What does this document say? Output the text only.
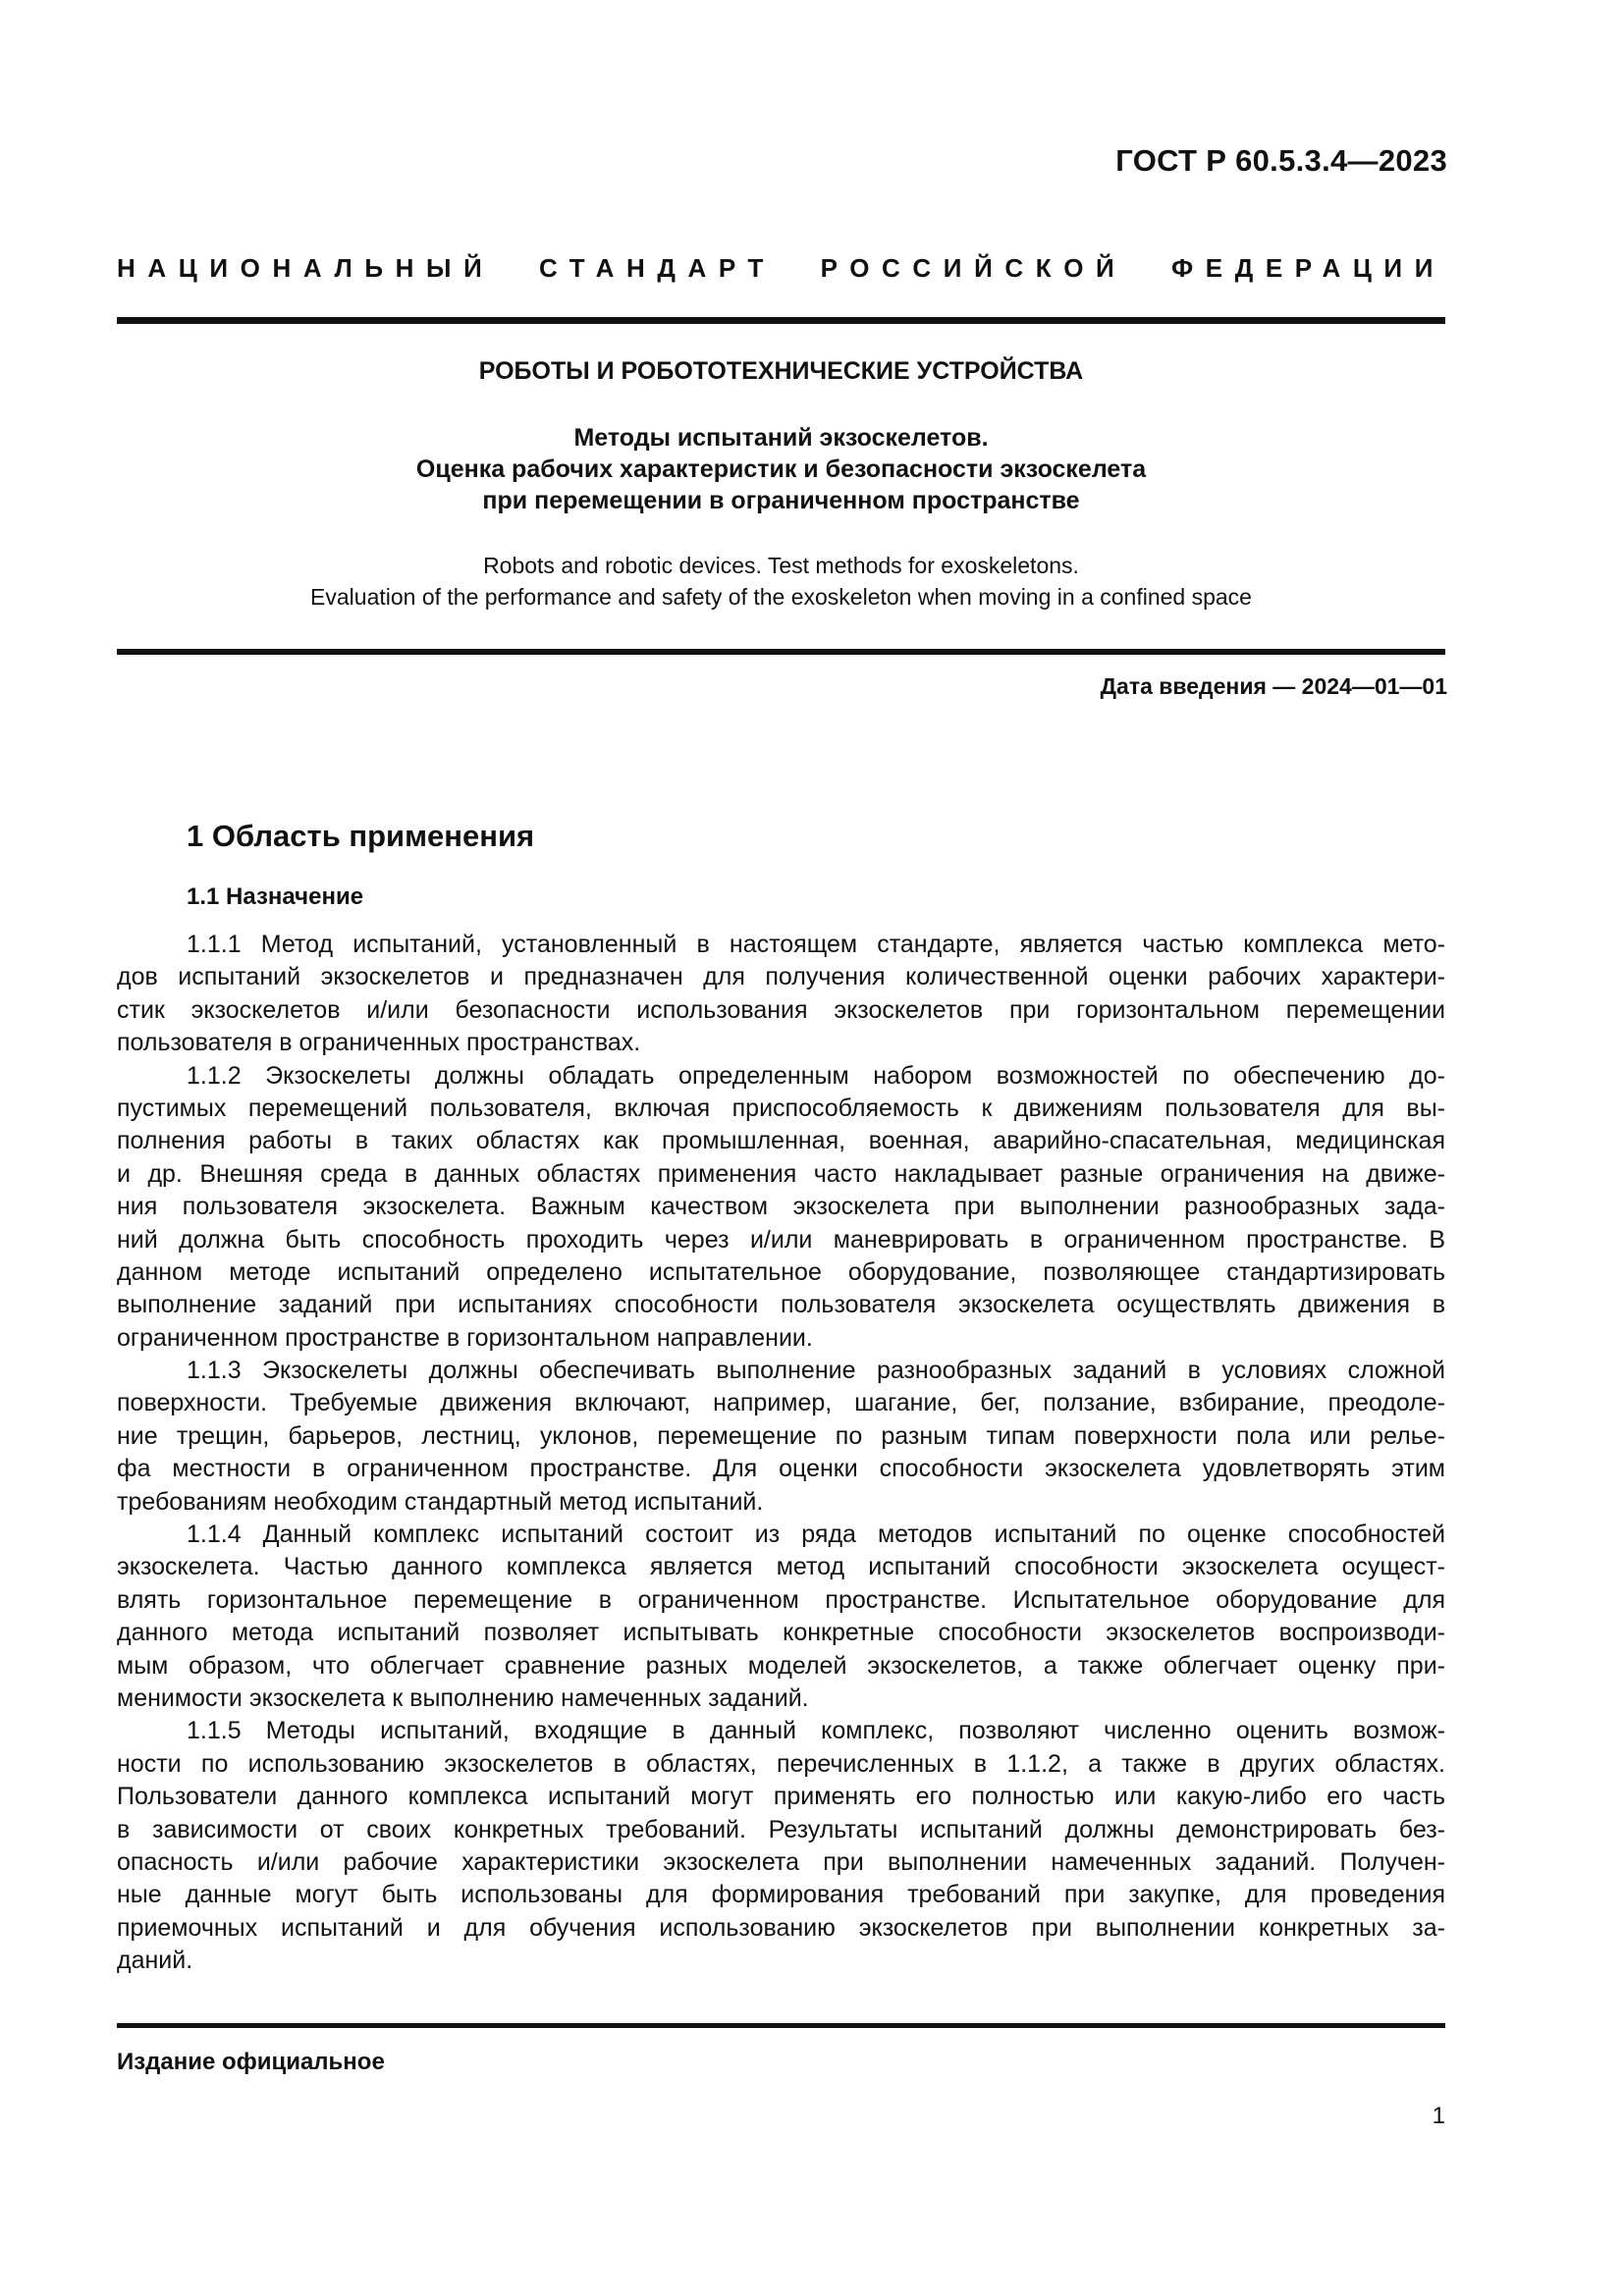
ГОСТ Р 60.5.3.4—2023
НАЦИОНАЛЬНЫЙ СТАНДАРТ РОССИЙСКОЙ ФЕДЕРАЦИИ
РОБОТЫ И РОБОТОТЕХНИЧЕСКИЕ УСТРОЙСТВА
Методы испытаний экзоскелетов.
Оценка рабочих характеристик и безопасности экзоскелета
при перемещении в ограниченном пространстве
Robots and robotic devices. Test methods for exoskeletons.
Evaluation of the performance and safety of the exoskeleton when moving in a confined space
Дата введения — 2024—01—01
1 Область применения
1.1 Назначение
1.1.1 Метод испытаний, установленный в настоящем стандарте, является частью комплекса мето-
дов испытаний экзоскелетов и предназначен для получения количественной оценки рабочих характери-
стик экзоскелетов и/или безопасности использования экзоскелетов при горизонтальном перемещении
пользователя в ограниченных пространствах.
1.1.2 Экзоскелеты должны обладать определенным набором возможностей по обеспечению до-
пустимых перемещений пользователя, включая приспособляемость к движениям пользователя для вы-
полнения работы в таких областях как промышленная, военная, аварийно-спасательная, медицинская
и др. Внешняя среда в данных областях применения часто накладывает разные ограничения на движе-
ния пользователя экзоскелета. Важным качеством экзоскелета при выполнении разнообразных зада-
ний должна быть способность проходить через и/или маневрировать в ограниченном пространстве. В
данном методе испытаний определено испытательное оборудование, позволяющее стандартизировать
выполнение заданий при испытаниях способности пользователя экзоскелета осуществлять движения в
ограниченном пространстве в горизонтальном направлении.
1.1.3 Экзоскелеты должны обеспечивать выполнение разнообразных заданий в условиях сложной
поверхности. Требуемые движения включают, например, шагание, бег, ползание, взбирание, преодоле-
ние трещин, барьеров, лестниц, уклонов, перемещение по разным типам поверхности пола или релье-
фа местности в ограниченном пространстве. Для оценки способности экзоскелета удовлетворять этим
требованиям необходим стандартный метод испытаний.
1.1.4 Данный комплекс испытаний состоит из ряда методов испытаний по оценке способностей
экзоскелета. Частью данного комплекса является метод испытаний способности экзоскелета осущест-
влять горизонтальное перемещение в ограниченном пространстве. Испытательное оборудование для
данного метода испытаний позволяет испытывать конкретные способности экзоскелетов воспроизводи-
мым образом, что облегчает сравнение разных моделей экзоскелетов, а также облегчает оценку при-
менимости экзоскелета к выполнению намеченных заданий.
1.1.5 Методы испытаний, входящие в данный комплекс, позволяют численно оценить возмож-
ности по использованию экзоскелетов в областях, перечисленных в 1.1.2, а также в других областях.
Пользователи данного комплекса испытаний могут применять его полностью или какую-либо его часть
в зависимости от своих конкретных требований. Результаты испытаний должны демонстрировать без-
опасность и/или рабочие характеристики экзоскелета при выполнении намеченных заданий. Получен-
ные данные могут быть использованы для формирования требований при закупке, для проведения
приемочных испытаний и для обучения использованию экзоскелетов при выполнении конкретных за-
даний.
Издание официальное
1
